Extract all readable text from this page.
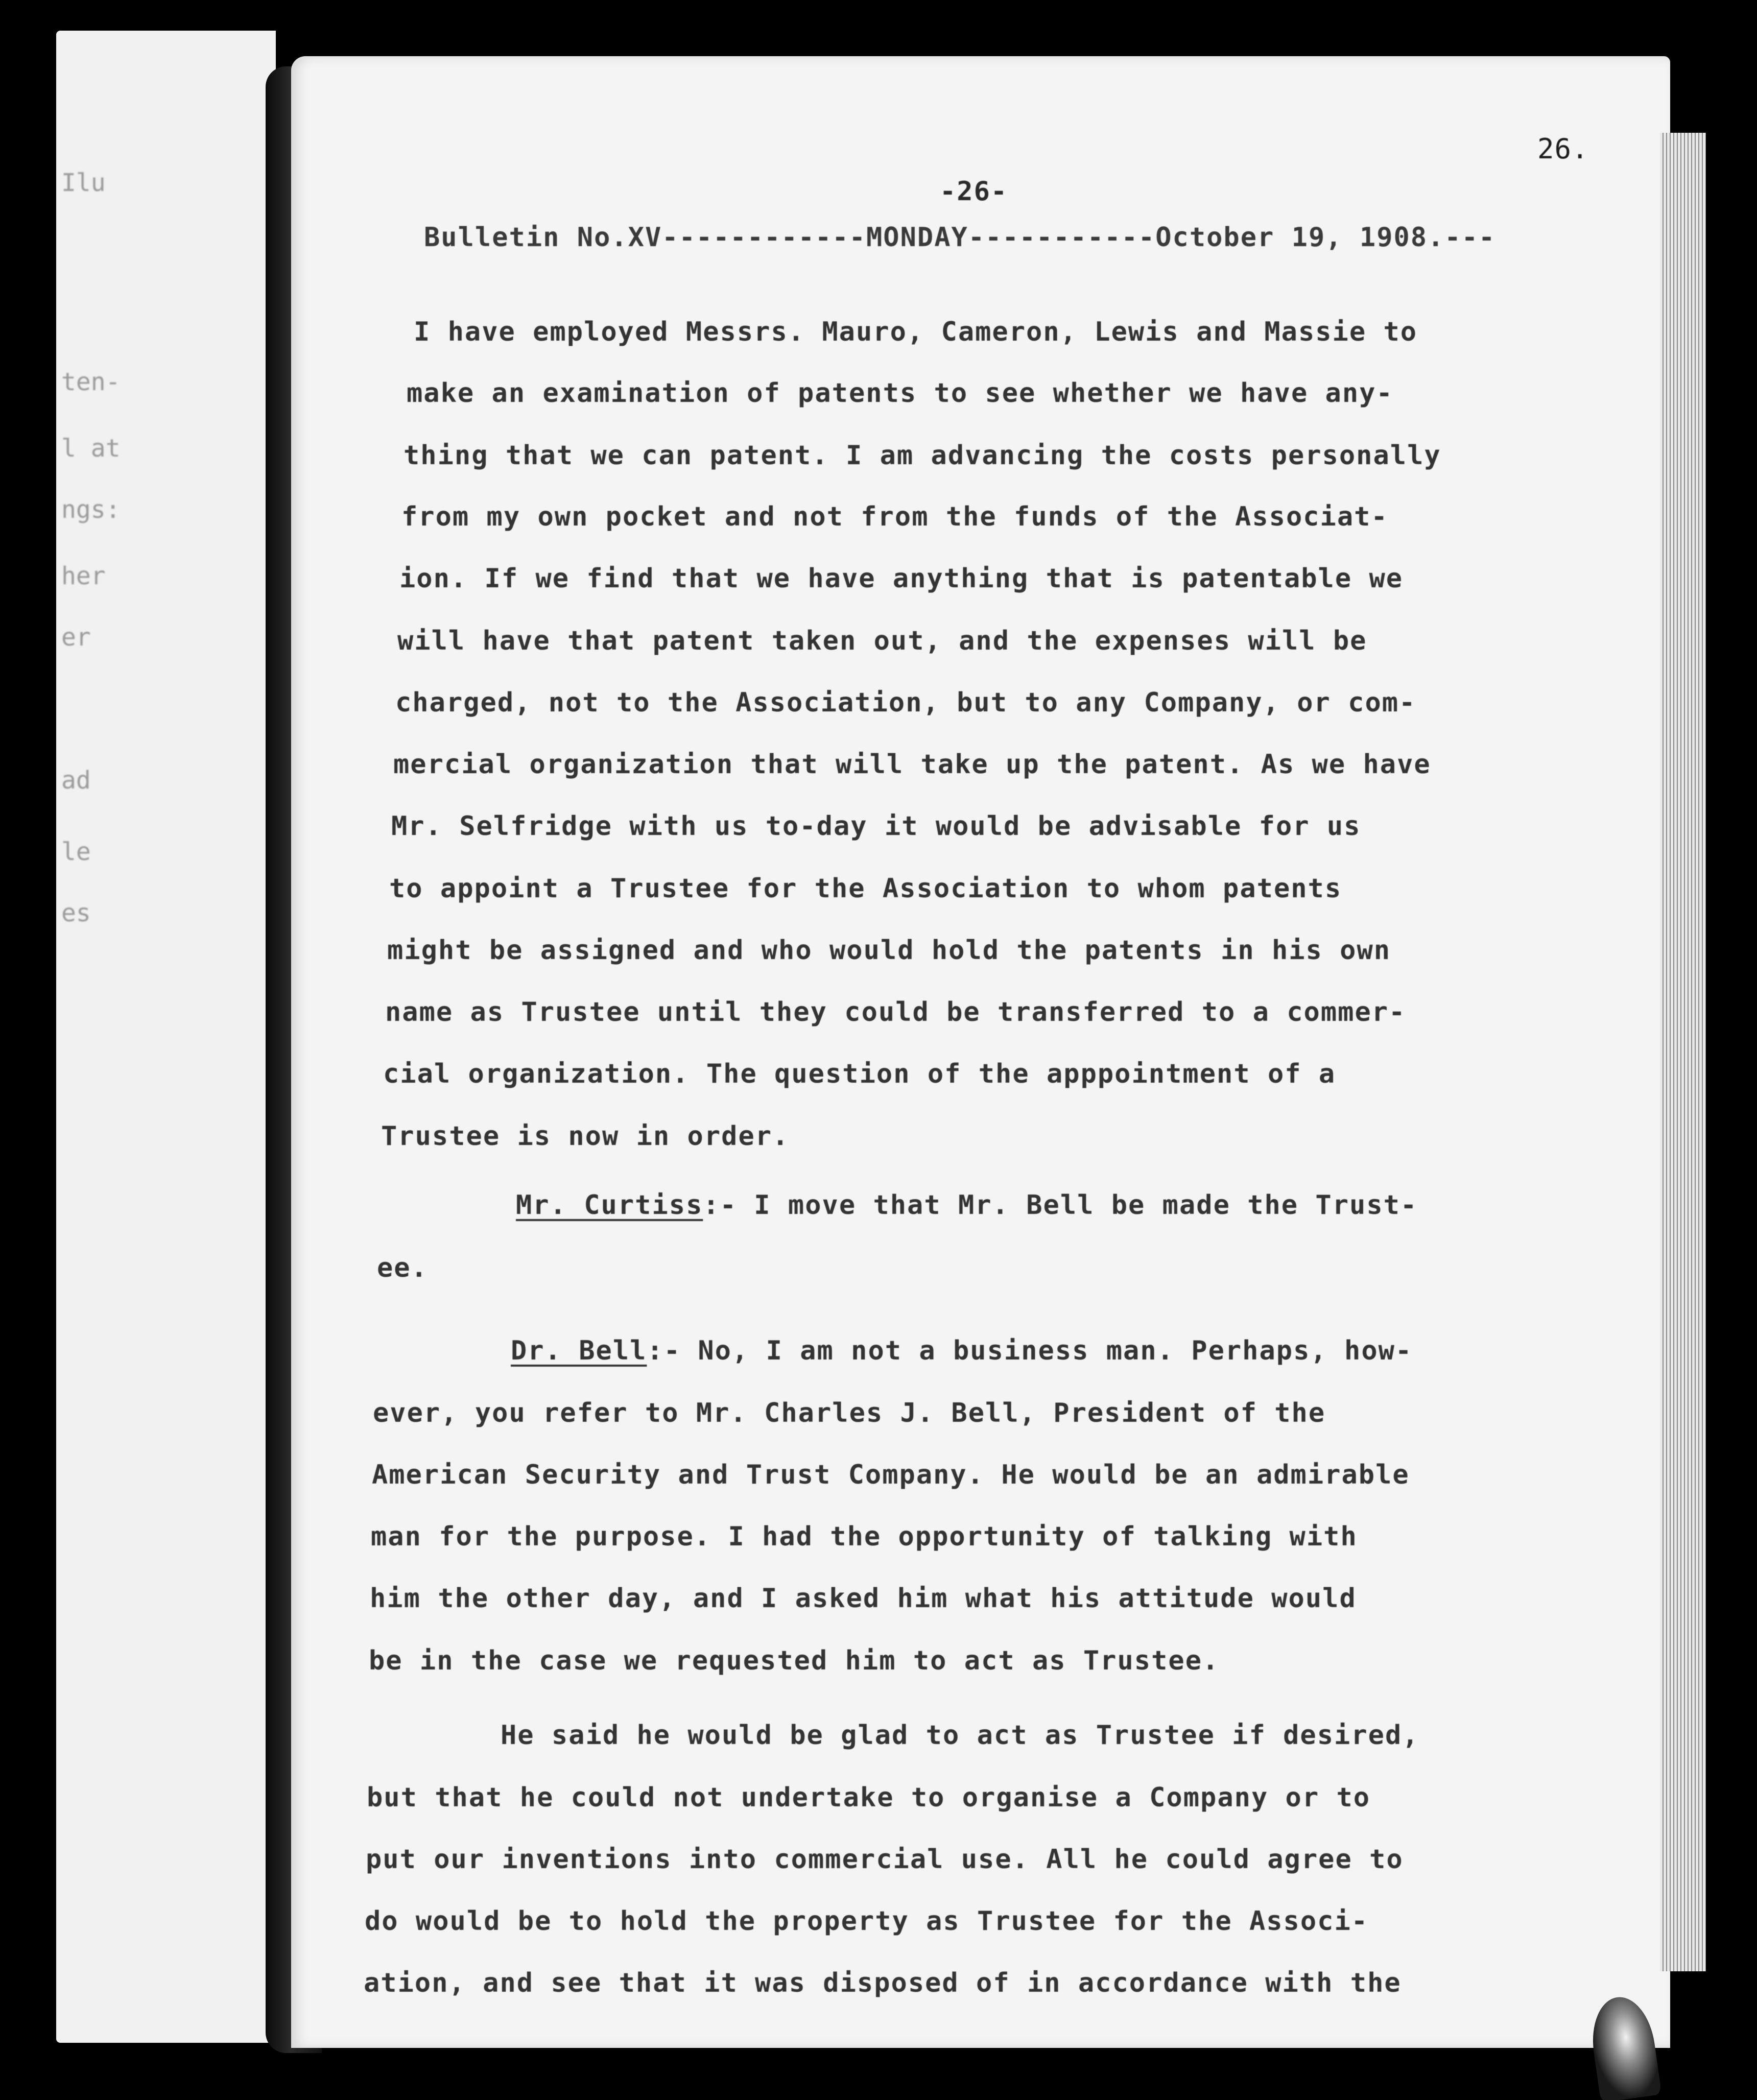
Ilu
ten-
l at
ngs:
her
er
ad
le
es
26.
-26-
Bulletin No.XV------------MONDAY-----------October 19, 1908.---
I have employed Messrs. Mauro, Cameron, Lewis and Massie to
make an examination of patents to see whether we have any-
thing that we can patent. I am advancing the costs personally
from my own pocket and not from the funds of the Associat-
ion. If we find that we have anything that is patentable we
will have that patent taken out, and the expenses will be
charged, not to the Association, but to any Company, or com-
mercial organization that will take up the patent. As we have
Mr. Selfridge with us to-day it would be advisable for us
to appoint a Trustee for the Association to whom patents
might be assigned and who would hold the patents in his own
name as Trustee until they could be transferred to a commer-
cial organization. The question of the apppointment of a
Trustee is now in order.
Mr. Curtiss:- I move that Mr. Bell be made the Trust-
ee.
Dr. Bell:- No, I am not a business man. Perhaps, how-
ever, you refer to Mr. Charles J. Bell, President of the
American Security and Trust Company. He would be an admirable
man for the purpose. I had the opportunity of talking with
him the other day, and I asked him what his attitude would
be in the case we requested him to act as Trustee.
He said he would be glad to act as Trustee if desired,
but that he could not undertake to organise a Company or to
put our inventions into commercial use. All he could agree to
do would be to hold the property as Trustee for the Associ-
ation, and see that it was disposed of in accordance with the
